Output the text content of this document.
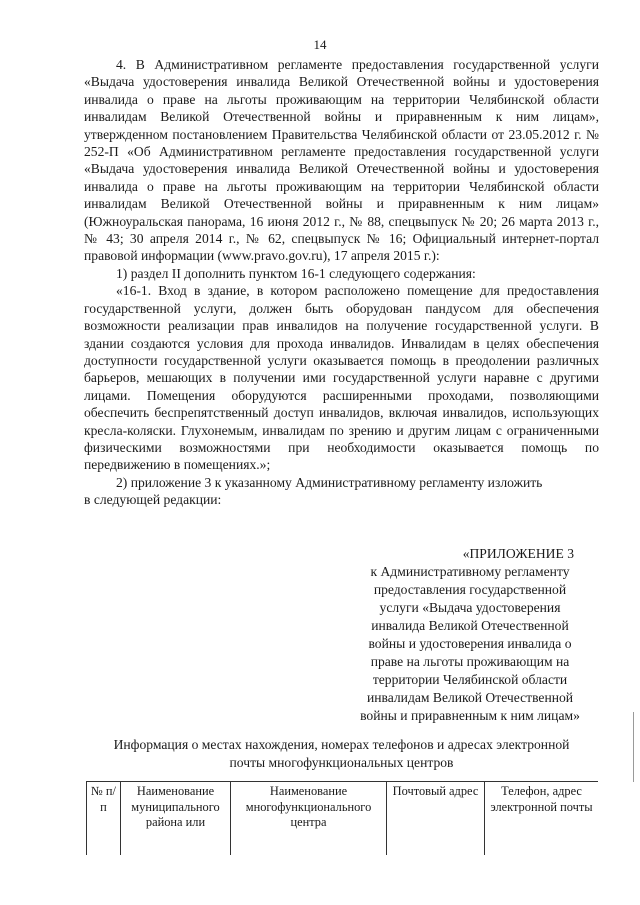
14

4. В Административном регламенте предоставления государственной услуги «Выдача удостоверения инвалида Великой Отечественной войны и удостоверения инвалида о праве на льготы проживающим на территории Челябинской области инвалидам Великой Отечественной войны и приравненным к ним лицам», утвержденном постановлением Правительства Челябинской области от 23.05.2012 г. № 252-П «Об Административном регламенте предоставления государственной услуги «Выдача удостоверения инвалида Великой Отечественной войны и удостоверения инвалида о праве на льготы проживающим на территории Челябинской области инвалидам Великой Отечественной войны и приравненным к ним лицам» (Южноуральская панорама, 16 июня 2012 г., № 88, спецвыпуск № 20; 26 марта 2013 г., № 43; 30 апреля 2014 г., № 62, спецвыпуск № 16; Официальный интернет-портал правовой информации (www.pravo.gov.ru), 17 апреля 2015 г.):

1) раздел II дополнить пунктом 16-1 следующего содержания:

«16-1. Вход в здание, в котором расположено помещение для предоставления государственной услуги, должен быть оборудован пандусом для обеспечения возможности реализации прав инвалидов на получение государственной услуги. В здании создаются условия для прохода инвалидов. Инвалидам в целях обеспечения доступности государственной услуги оказывается помощь в преодолении различных барьеров, мешающих в получении ими государственной услуги наравне с другими лицами. Помещения оборудуются расширенными проходами, позволяющими обеспечить беспрепятственный доступ инвалидов, включая инвалидов, использующих кресла-коляски. Глухонемым, инвалидам по зрению и другим лицам с ограниченными физическими возможностями при необходимости оказывается помощь по передвижению в помещениях.»;

2) приложение 3 к указанному Административному регламенту изложить

в следующей редакции:

«ПРИЛОЖЕНИЕ 3
к Административному регламенту
предоставления государственной
услуги «Выдача удостоверения
инвалида Великой Отечественной
войны и удостоверения инвалида о
праве на льготы проживающим на
территории Челябинской области
инвалидам Великой Отечественной
войны и приравненным к ним лицам»
Информация о местах нахождения, номерах телефонов и адресах электронной
почты многофункциональных центров
№ п/п	Наименование муниципального района или	Наименование многофункционального центра	Почтовый адрес	Телефон, адрес электронной почты
